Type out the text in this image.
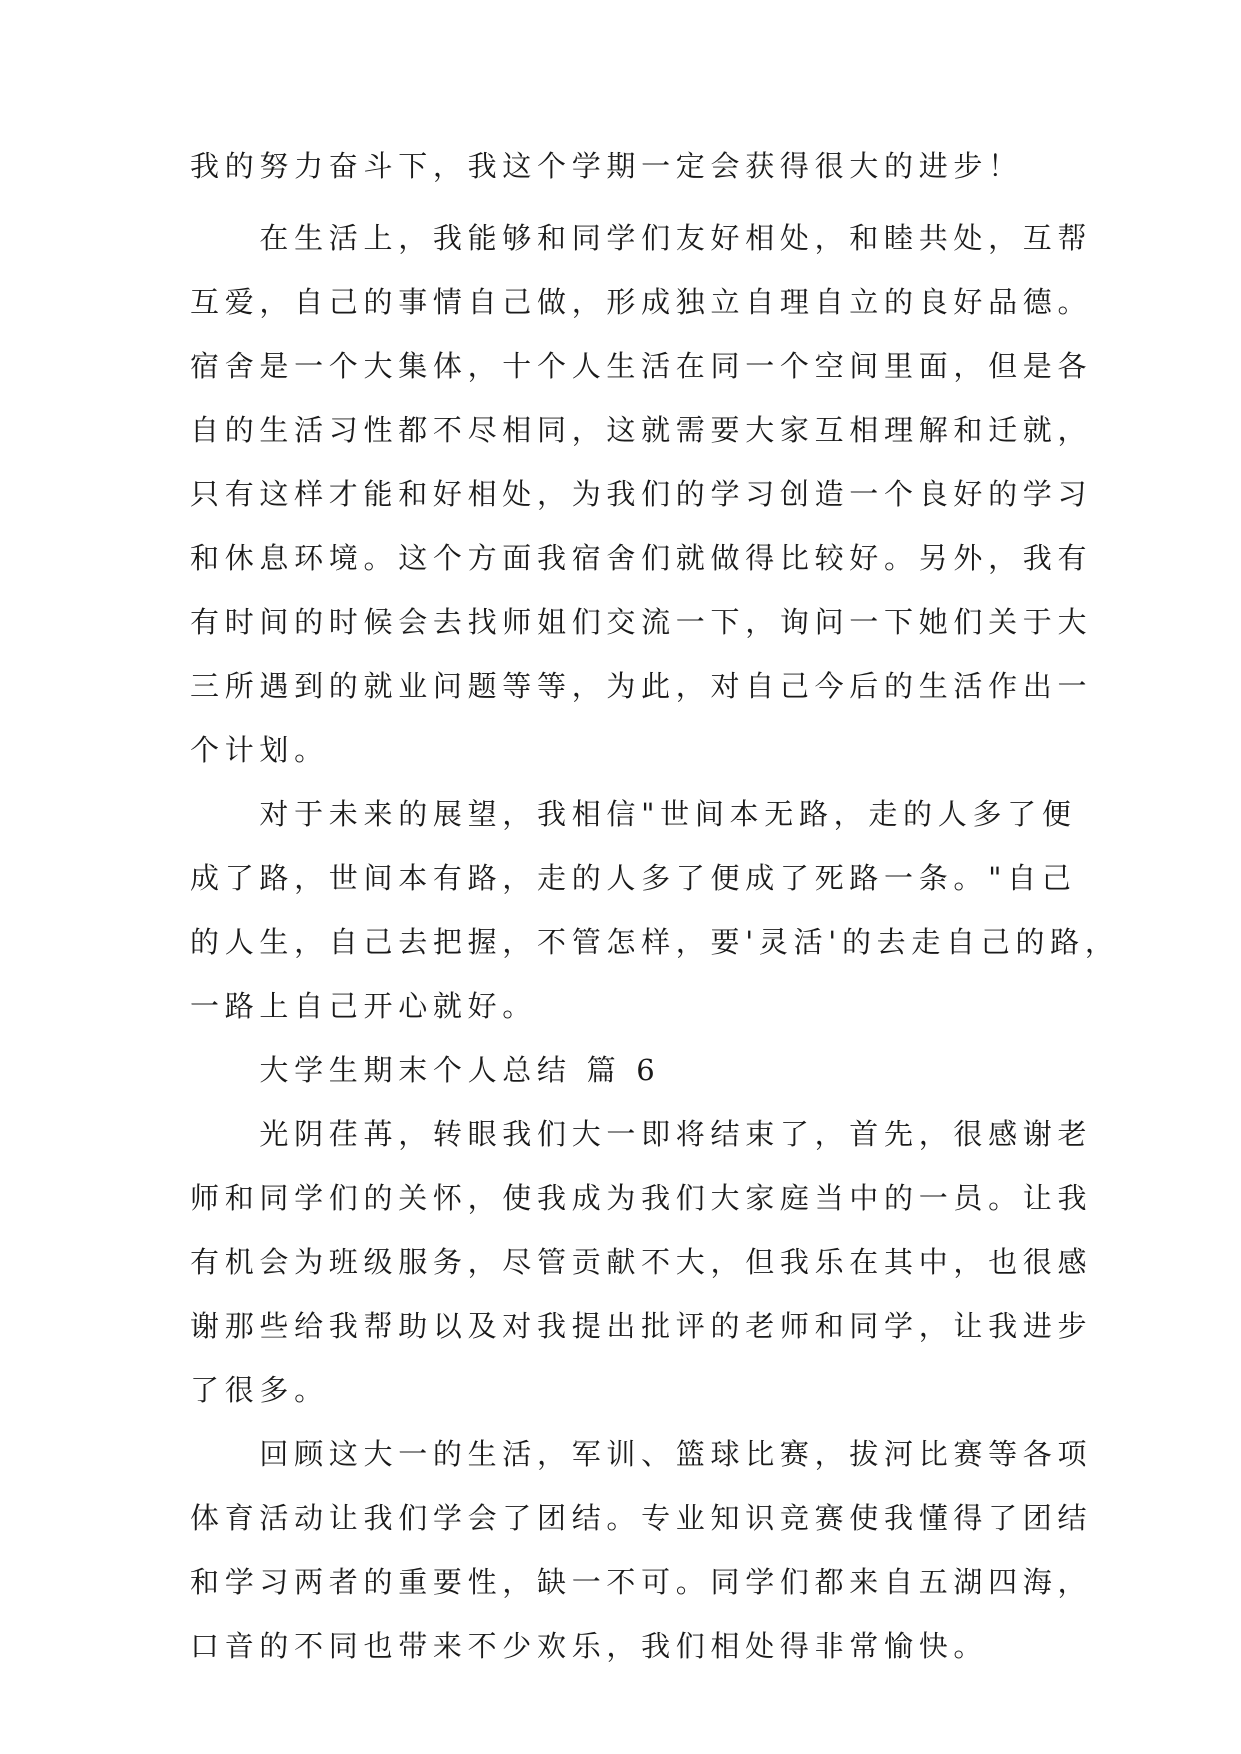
我的努力奋斗下，我这个学期一定会获得很大的进步！
　　在生活上，我能够和同学们友好相处，和睦共处，互帮
互爱，自己的事情自己做，形成独立自理自立的良好品德。
宿舍是一个大集体，十个人生活在同一个空间里面，但是各
自的生活习性都不尽相同，这就需要大家互相理解和迁就，
只有这样才能和好相处，为我们的学习创造一个良好的学习
和休息环境。这个方面我宿舍们就做得比较好。另外，我有
有时间的时候会去找师姐们交流一下，询问一下她们关于大
三所遇到的就业问题等等，为此，对自己今后的生活作出一
个计划。
　　对于未来的展望，我相信"世间本无路，走的人多了便
成了路，世间本有路，走的人多了便成了死路一条。"自己
的人生，自己去把握，不管怎样，要'灵活'的去走自己的路，
一路上自己开心就好。
　　大学生期末个人总结 篇 6
　　光阴荏苒，转眼我们大一即将结束了，首先，很感谢老
师和同学们的关怀，使我成为我们大家庭当中的一员。让我
有机会为班级服务，尽管贡献不大，但我乐在其中，也很感
谢那些给我帮助以及对我提出批评的老师和同学，让我进步
了很多。
　　回顾这大一的生活，军训、篮球比赛，拔河比赛等各项
体育活动让我们学会了团结。专业知识竞赛使我懂得了团结
和学习两者的重要性，缺一不可。同学们都来自五湖四海，
口音的不同也带来不少欢乐，我们相处得非常愉快。
